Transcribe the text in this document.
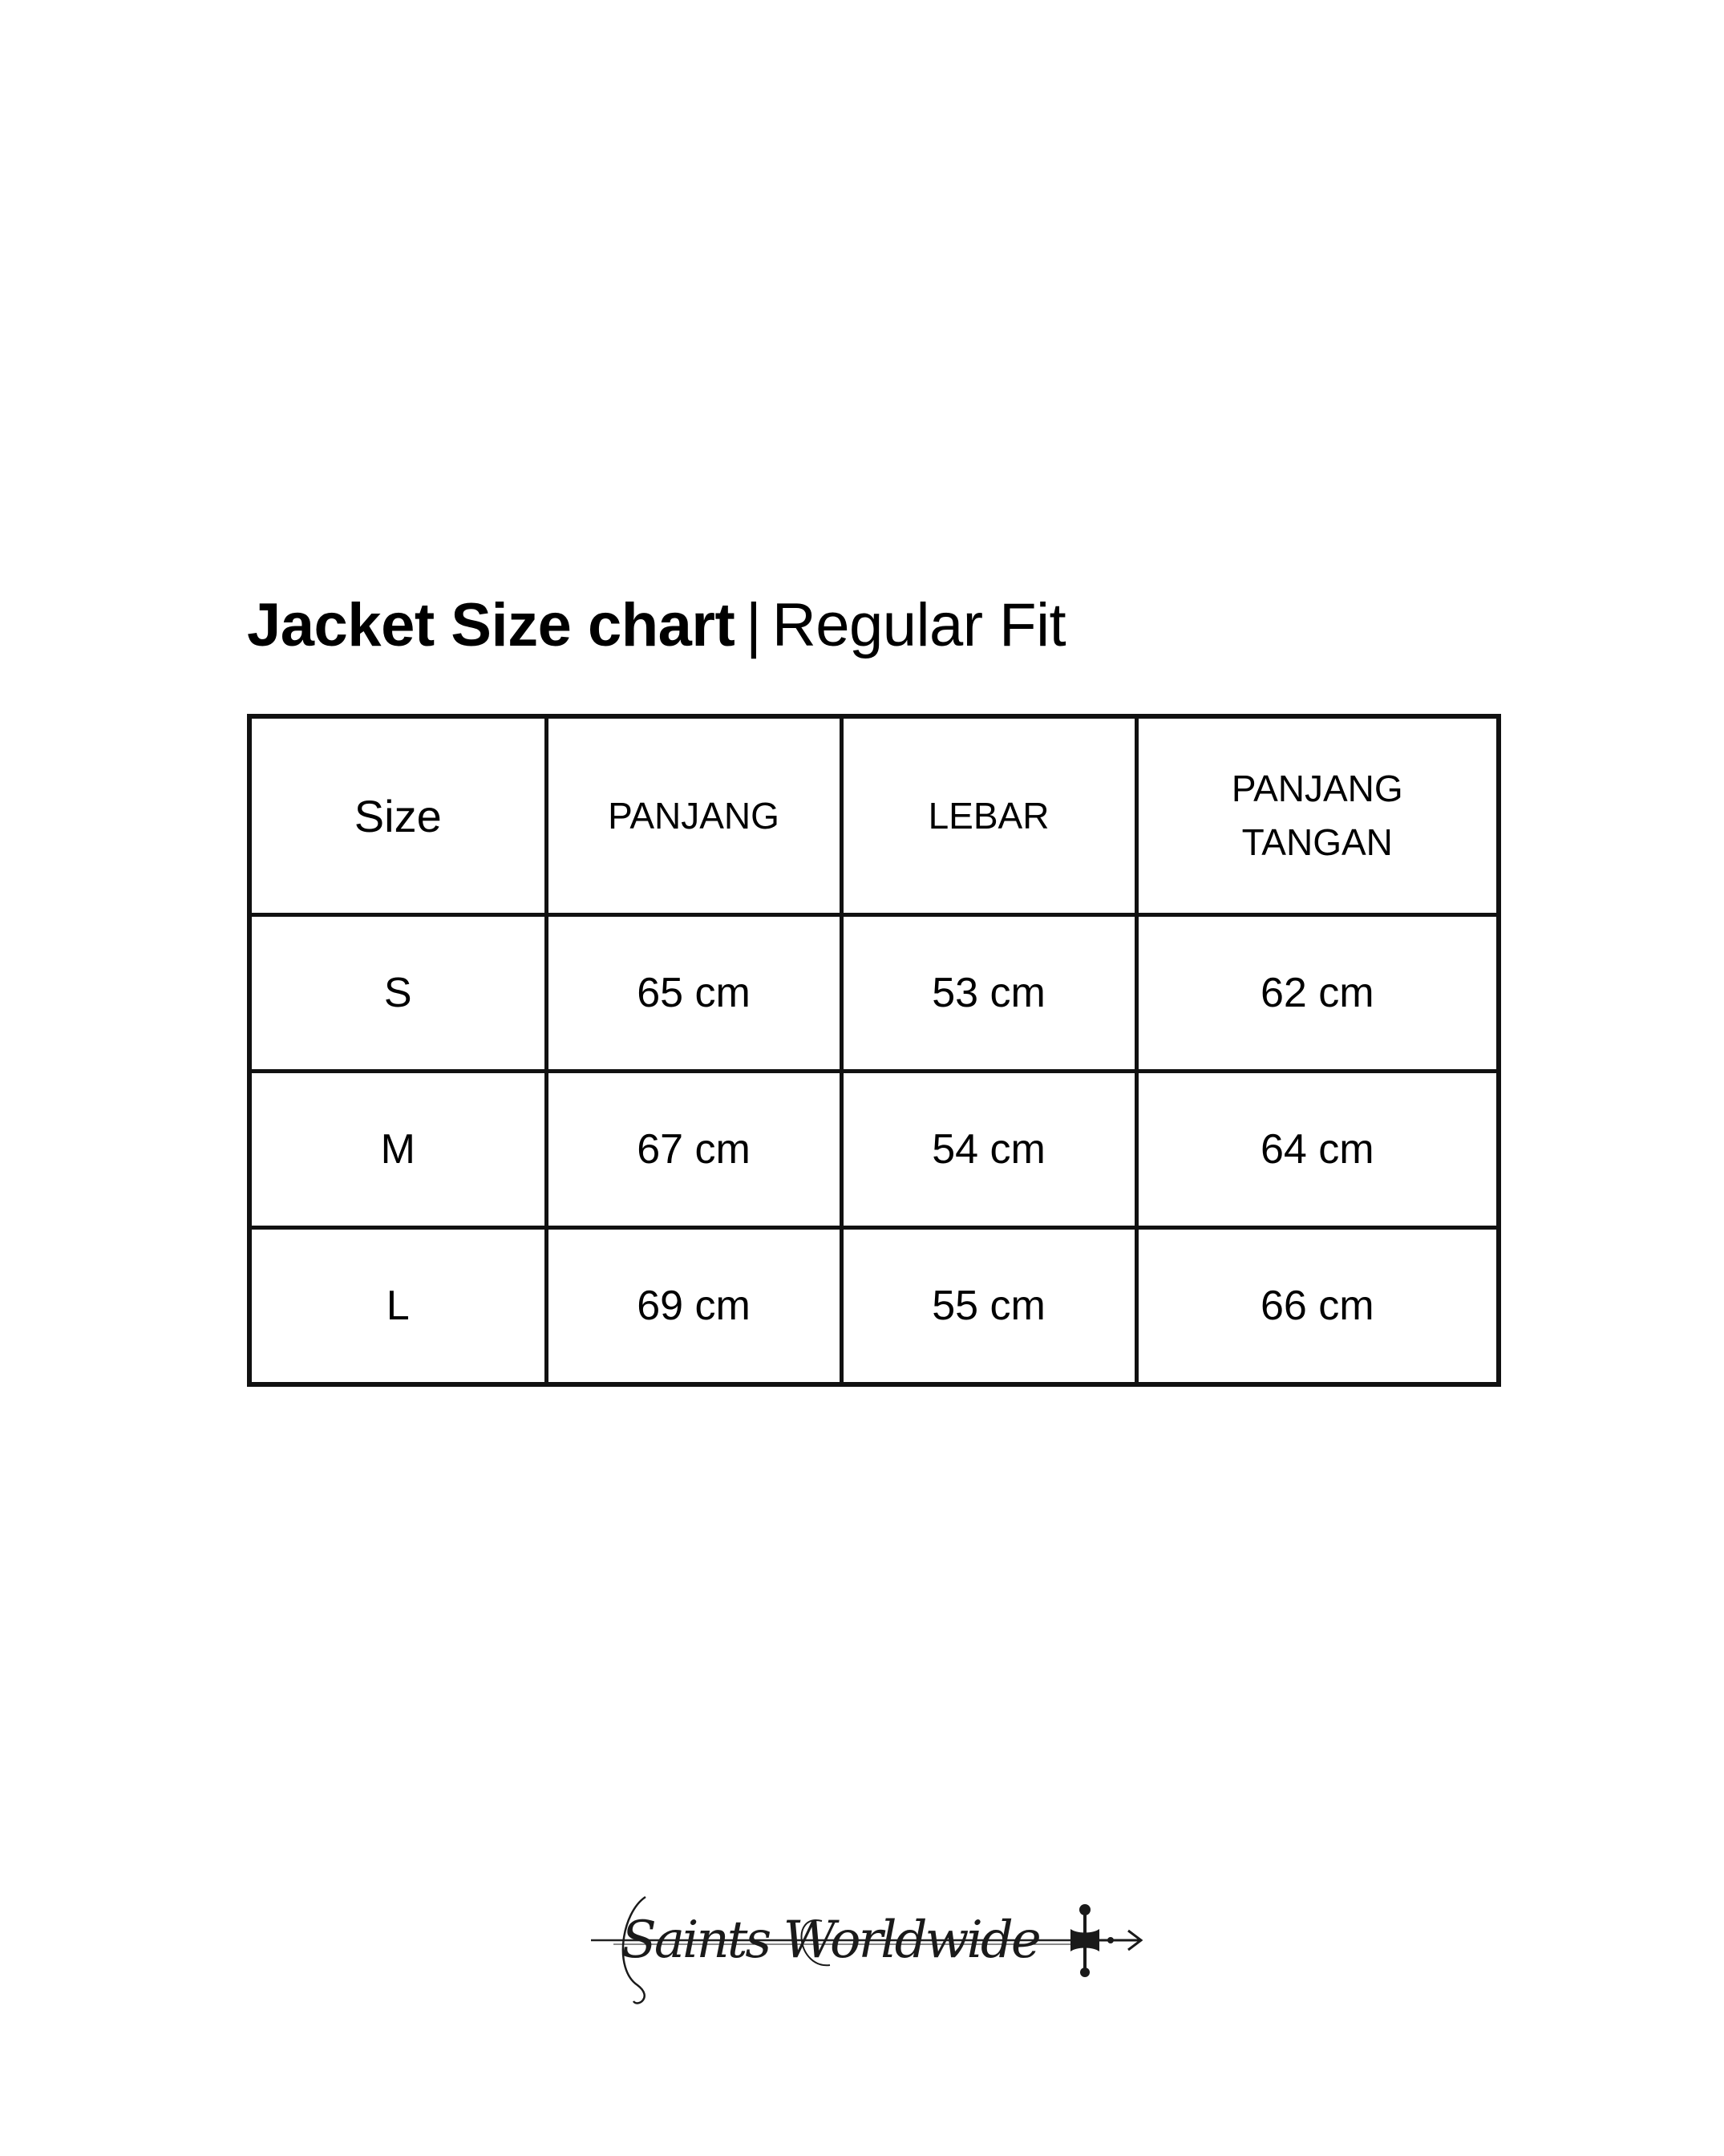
Jacket Size chart | Regular Fit
Size	PANJANG	LEBAR	PANJANG
TANGAN

S	65 cm	53 cm	62 cm
M	67 cm	54 cm	64 cm
L	69 cm	55 cm	66 cm
Saints Worldwide
